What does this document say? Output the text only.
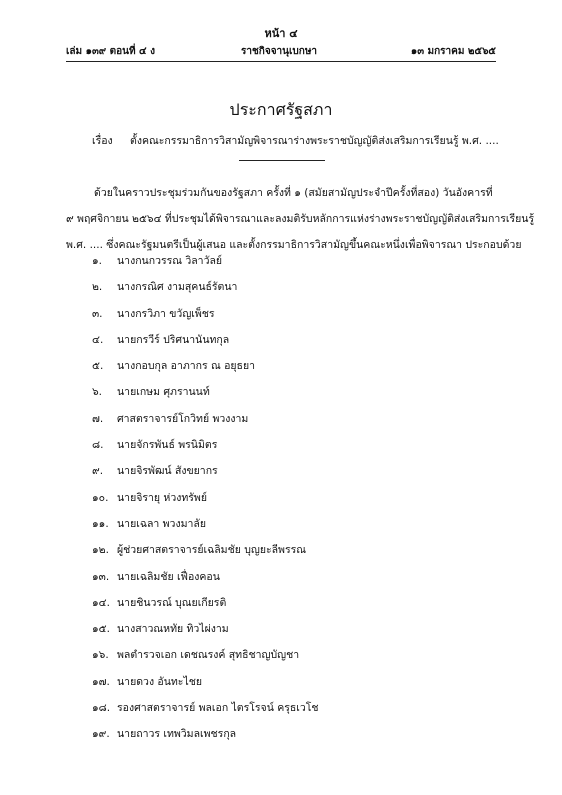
หน้า ๔
เล่ม ๑๓๙ ตอนที่ ๔ ง	ราชกิจจานุเบกษา	๑๓ มกราคม ๒๕๖๕
ประกาศรัฐสภา
เรื่อง ตั้งคณะกรรมาธิการวิสามัญพิจารณาร่างพระราชบัญญัติส่งเสริมการเรียนรู้ พ.ศ. ....
ด้วยในคราวประชุมร่วมกันของรัฐสภา ครั้งที่ ๑ (สมัยสามัญประจำปีครั้งที่สอง) วันอังคารที่
๙ พฤศจิกายน ๒๕๖๔ ที่ประชุมได้พิจารณาและลงมติรับหลักการแห่งร่างพระราชบัญญัติส่งเสริมการเรียนรู้
พ.ศ. .... ซึ่งคณะรัฐมนตรีเป็นผู้เสนอ และตั้งกรรมาธิการวิสามัญขึ้นคณะหนึ่งเพื่อพิจารณา ประกอบด้วย
๑. นางกนกวรรณ วิลาวัลย์
๒. นางกรณิศ งามสุคนธ์รัตนา
๓. นางกรวิภา ขวัญเพ็ชร
๔. นายกรวีร์ ปริศนานันทกุล
๕. นางกอบกุล อาภากร ณ อยุธยา
๖. นายเกษม ศุภรานนท์
๗. ศาสตราจารย์โกวิทย์ พวงงาม
๘. นายจักรพันธ์ พรนิมิตร
๙. นายจิรพัฒน์ สังขยากร
๑๐. นายจิรายุ ห่วงทรัพย์
๑๑. นายเฉลา พวงมาลัย
๑๒. ผู้ช่วยศาสตราจารย์เฉลิมชัย บุญยะลีพรรณ
๑๓. นายเฉลิมชัย เฟื่องคอน
๑๔. นายชินวรณ์ บุณยเกียรติ
๑๕. นางสาวณหทัย ทิวไผ่งาม
๑๖. พลตำรวจเอก เดชณรงค์ สุทธิชาญบัญชา
๑๗. นายดวง อันทะไชย
๑๘. รองศาสตราจารย์ พลเอก ไตรโรจน์ ครุธเวโช
๑๙. นายถาวร เทพวิมลเพชรกุล
